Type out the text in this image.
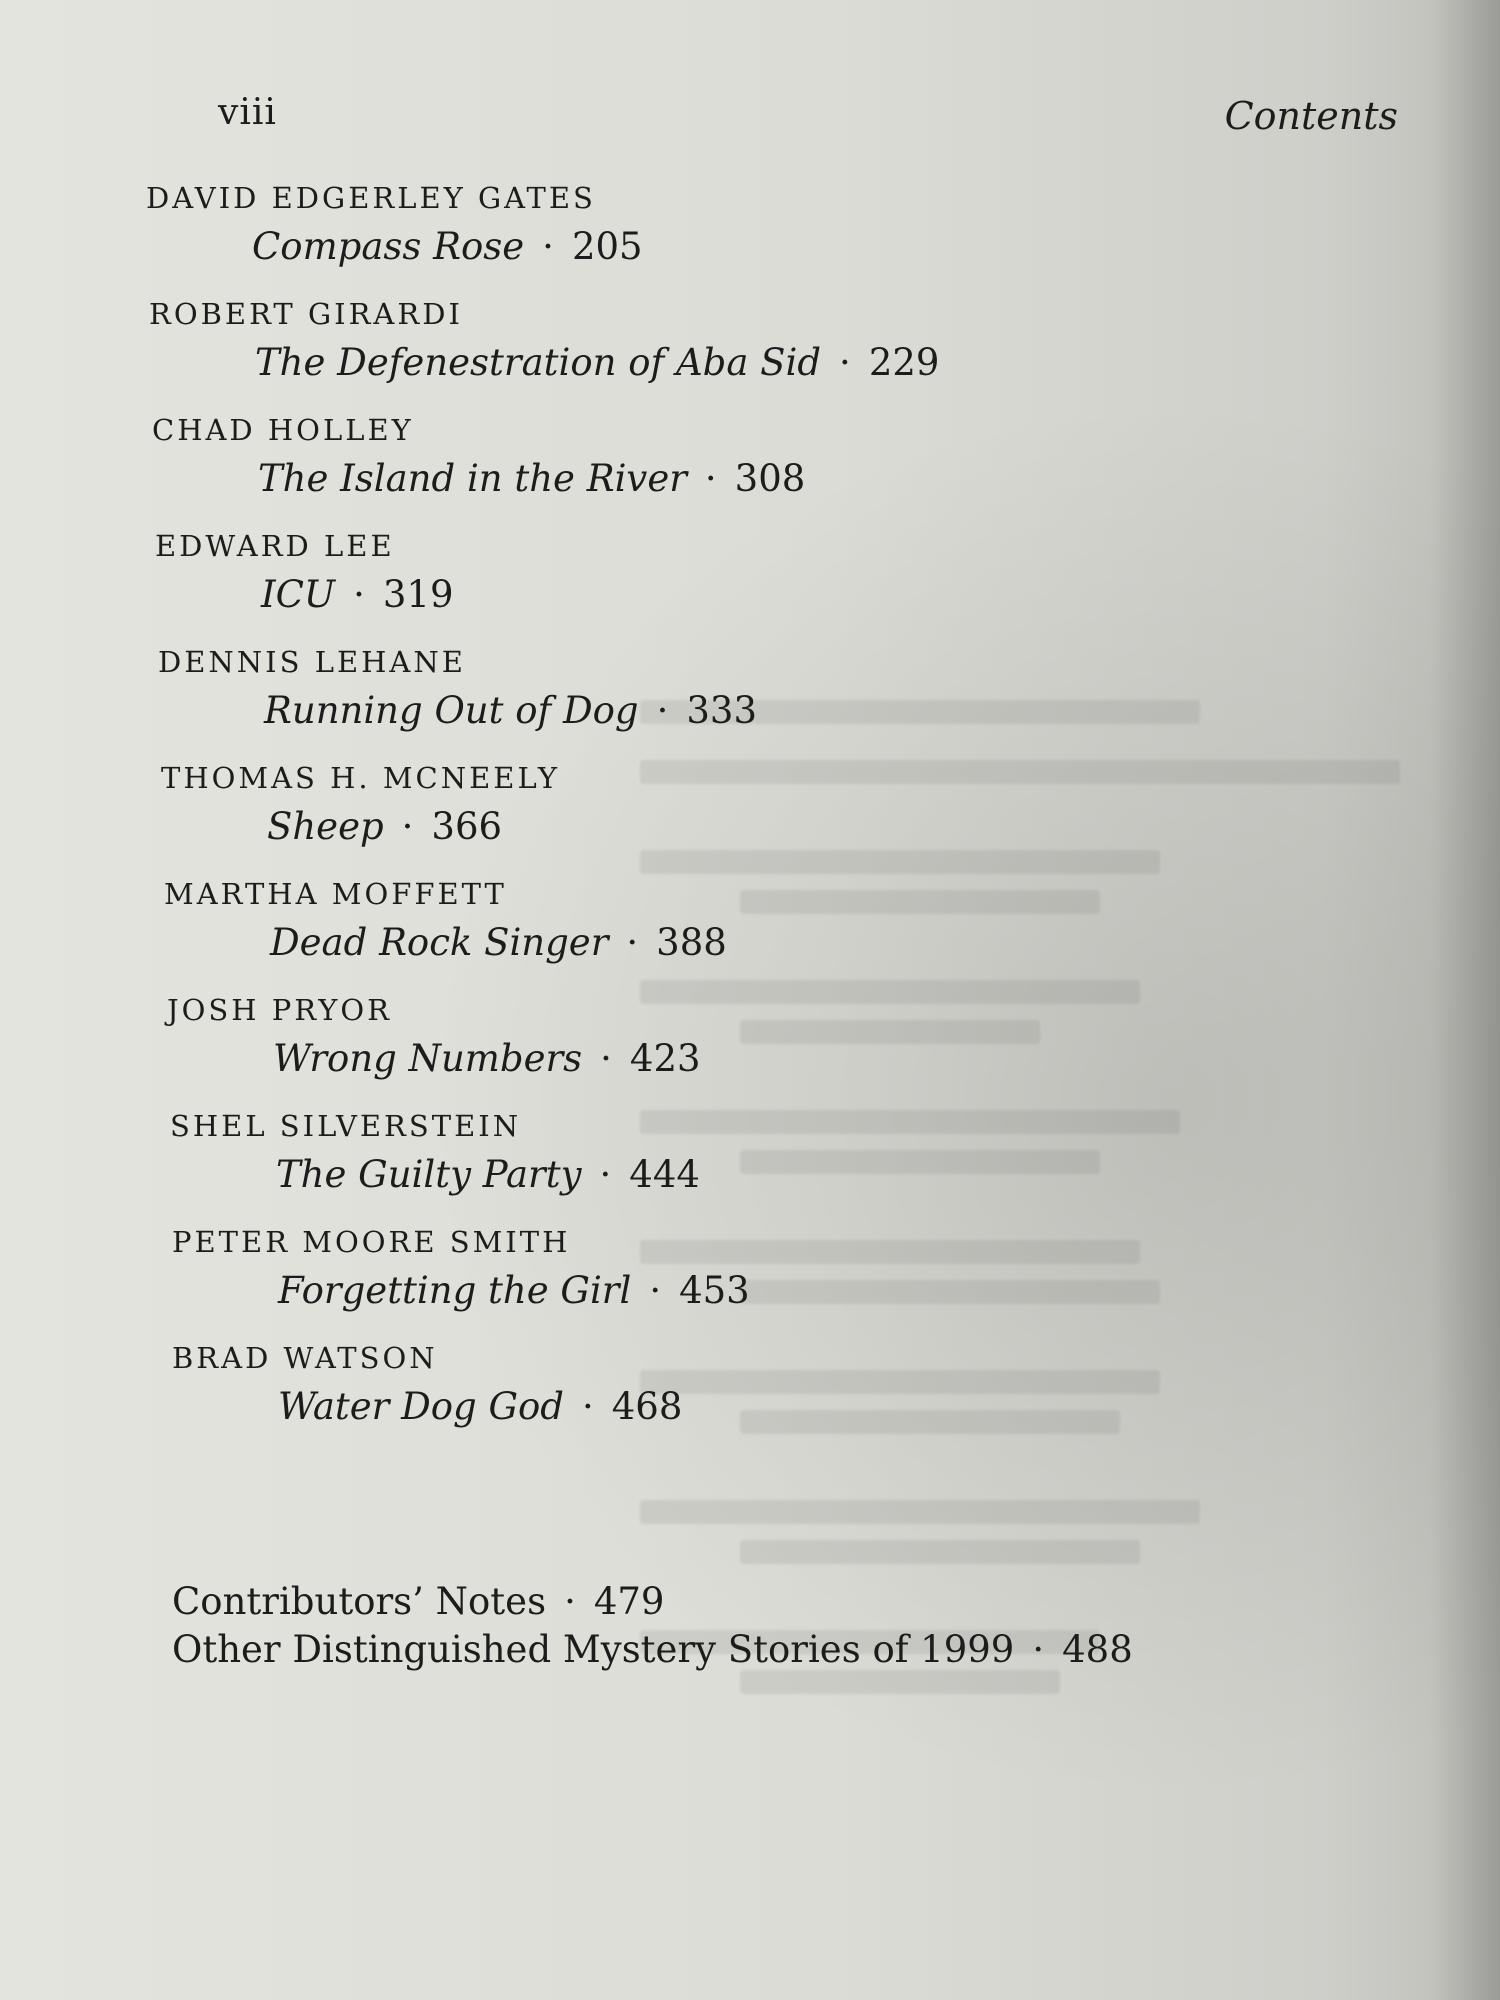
viii	Contents
DAVID EDGERLEY GATES
Compass Rose · 205
ROBERT GIRARDI
The Defenestration of Aba Sid · 229
CHAD HOLLEY
The Island in the River · 308
EDWARD LEE
ICU · 319
DENNIS LEHANE
Running Out of Dog · 333
THOMAS H. MCNEELY
Sheep · 366
MARTHA MOFFETT
Dead Rock Singer · 388
JOSH PRYOR
Wrong Numbers · 423
SHEL SILVERSTEIN
The Guilty Party · 444
PETER MOORE SMITH
Forgetting the Girl · 453
BRAD WATSON
Water Dog God · 468
Contributors’ Notes · 479
Other Distinguished Mystery Stories of 1999 · 488
